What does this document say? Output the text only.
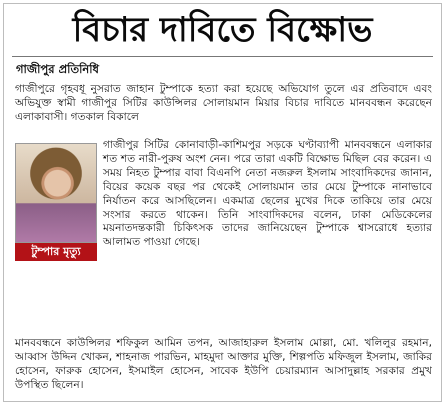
বিচার দাবিতে বিক্ষোভ
গাজীপুর প্রতিনিধি
গাজীপুরে গৃহবধূ নুসরাত জাহান টুম্পাকে হত্যা করা হয়েছে অভিযোগ তুলে এর প্রতিবাদে এবং অভিযুক্ত স্বামী গাজীপুর সিটির কাউন্সিলর সোলায়মান মিয়ার বিচার দাবিতে মানববন্ধন করেছেন এলাকাবাসী। গতকাল বিকালে
টুম্পার মৃত্যু
গাজীপুর সিটির কোনাবাড়ী-কাশিমপুর সড়কে ঘণ্টাব্যাপী মানববন্ধনে এলাকার শত শত নারী-পুরুষ অংশ নেন। পরে তারা একটি বিক্ষোভ মিছিল বের করেন। এ সময় নিহত টুম্পার বাবা বিএনপি নেতা নজরুল ইসলাম সাংবাদিকদের জানান, বিয়ের কয়েক বছর পর থেকেই সোলায়মান তার মেয়ে টুম্পাকে নানাভাবে নির্যাতন করে আসছিলেন। একমাত্র ছেলের মুখের দিকে তাকিয়ে তার মেয়ে সংসার করতে থাকেন। তিনি সাংবাদিকদের বলেন, ঢাকা মেডিকেলের ময়নাতদন্তকারী চিকিৎসক তাদের জানিয়েছেন টুম্পাকে শ্বাসরোধে হত্যার আলামত পাওয়া গেছে।
মানববন্ধনে কাউন্সিলর শফিকুল আমিন তপন, আজাহারুল ইসলাম মোল্লা, মো. খলিলুর রহমান, আব্বাস উদ্দিন খোকন, শাহনাজ পারভিন, মাহমুদা আক্তার মুক্তি, শিল্পপতি মফিজুল ইসলাম, জাকির হোসেন, ফারুক হোসেন, ইসমাইল হোসেন, সাবেক ইউপি চেয়ারম্যান আসাদুল্লাহ সরকার প্রমুখ উপস্থিত ছিলেন।
